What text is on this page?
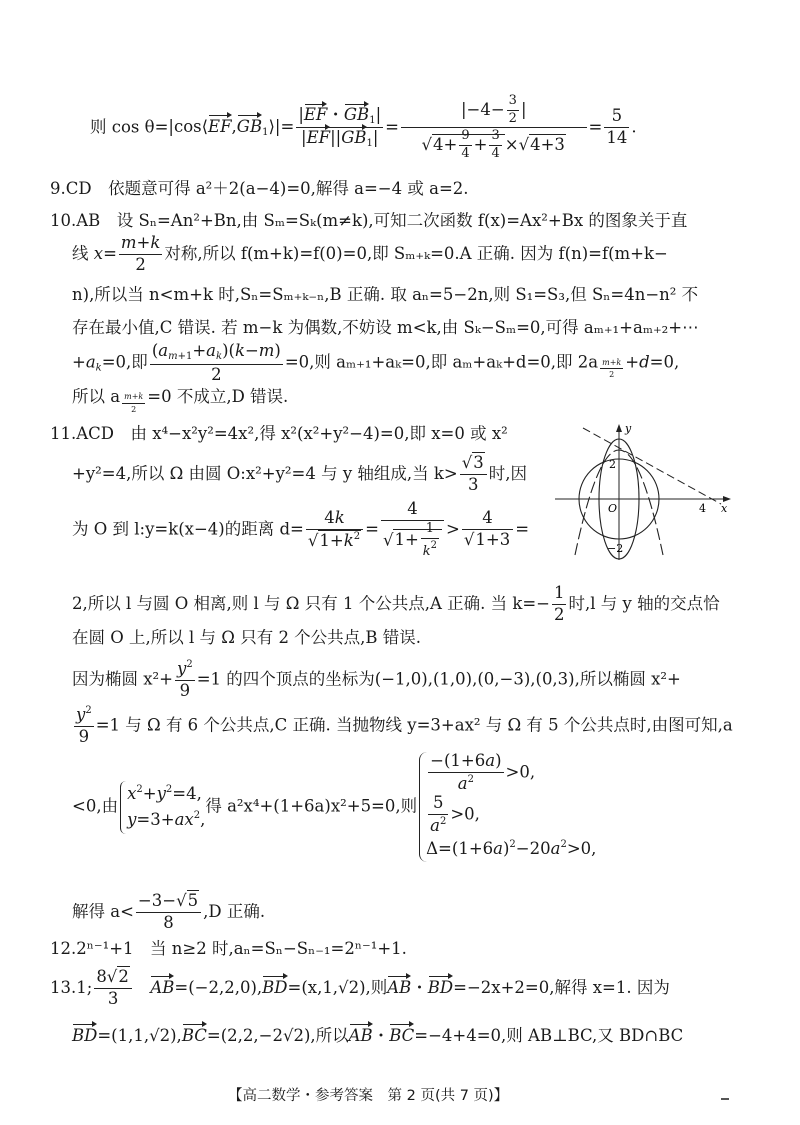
则 $\cos \theta=|\cos⟨EF,GB_1⟩|= \frac{|EF・GB_1|}{|EF||GB_1|} = \frac{|-4- \frac{3}{2} |}{√4+ \frac{9}{4} + \frac{3}{4} \times√4+3} = \frac{5}{14}$ .
9.CD　依题意可得 a²＋2(a−4)=0,解得 a=−4 或 a=2.
10.AB　设 Sₙ=An²+Bn,由 Sₘ=Sₖ(m≠k),可知二次函数 f(x)=Ax²+Bx 的图象关于直
线 $x= \frac{m+k}{2}$ 对称,所以 f(m+k)=f(0)=0,即 Sₘ₊ₖ=0.A 正确. 因为 f(n)=f(m+k−
n),所以当 n<m+k 时,Sₙ=Sₘ₊ₖ₋ₙ,B 正确. 取 aₙ=5−2n,则 S₁=S₃,但 Sₙ=4n−n² 不
存在最小值,C 错误. 若 m−k 为偶数,不妨设 m<k,由 Sₖ−Sₘ=0,可得 aₘ₊₁+aₘ₊₂+⋯
$+a_k=0$,即 $\frac{(a_{m+1}+a_k)(k-m)}{2} =0$,则 aₘ₊₁+aₖ=0,即 aₘ+aₖ+d=0,即 2a $_{\frac{m+k}{2}}$ +d=0,
所以 a $_{\frac{m+k}{2}}$ =0 不成立,D 错误.
11.ACD　由 x⁴−x²y²=4x²,得 x²(x²+y²−4)=0,即 x=0 或 x²
+y²=4,所以 Ω 由圆 O:x²+y²=4 与 y 轴组成,当 $k> \frac{√3}{3}$ 时,因
为 O 到 l:y=k(x−4)的距离 $d= \frac{4k}{√1+k^2} = \frac{4}{√1+ \frac{1}{k^2}} > \frac{4}{√1+3}$ =
y
x
O
2
−2
4
2,所以 l 与圆 O 相离,则 l 与 Ω 只有 1 个公共点,A 正确. 当 $k=- \frac{1}{2}$ 时,l 与 y 轴的交点恰
在圆 O 上,所以 l 与 Ω 只有 2 个公共点,B 错误.
因为椭圆 $x^2+ \frac{y^2}{9} =1$ 的四个顶点的坐标为(−1,0),(1,0),(0,−3),(0,3),所以椭圆 x²+
$\frac{y^2}{9} =1$ 与 Ω 有 6 个公共点,C 正确. 当抛物线 y=3+ax² 与 Ω 有 5 个公共点时,由图可知,a
<0,由
$x^2+y^2=4$,
$y=3+ax^2$,
得 a²x⁴+(1+6a)x²+5=0,则
$\frac{-(1+6a)}{a^2} >0$,
$\frac{5}{a^2} >0$,
$\Delta=(1+6a)^2-20a^2>0$,
解得 $a< \frac{-3-√5}{8} ,D$ 正确.
12.2ⁿ⁻¹+1　当 n≥2 时,aₙ=Sₙ−Sₙ₋₁=2ⁿ⁻¹+1.
13.1; $\frac{8√2}{3}$
　 AB=(−2,2,0),BD=(x,1,√2),则AB・BD=−2x+2=0,解得 x=1. 因为
BD=(1,1,√2),BC=(2,2,−2√2),所以AB・BC=−4+4=0,则 AB⊥BC,又 BD∩BC
【高二数学・参考答案　第 2 页(共 7 页)】
